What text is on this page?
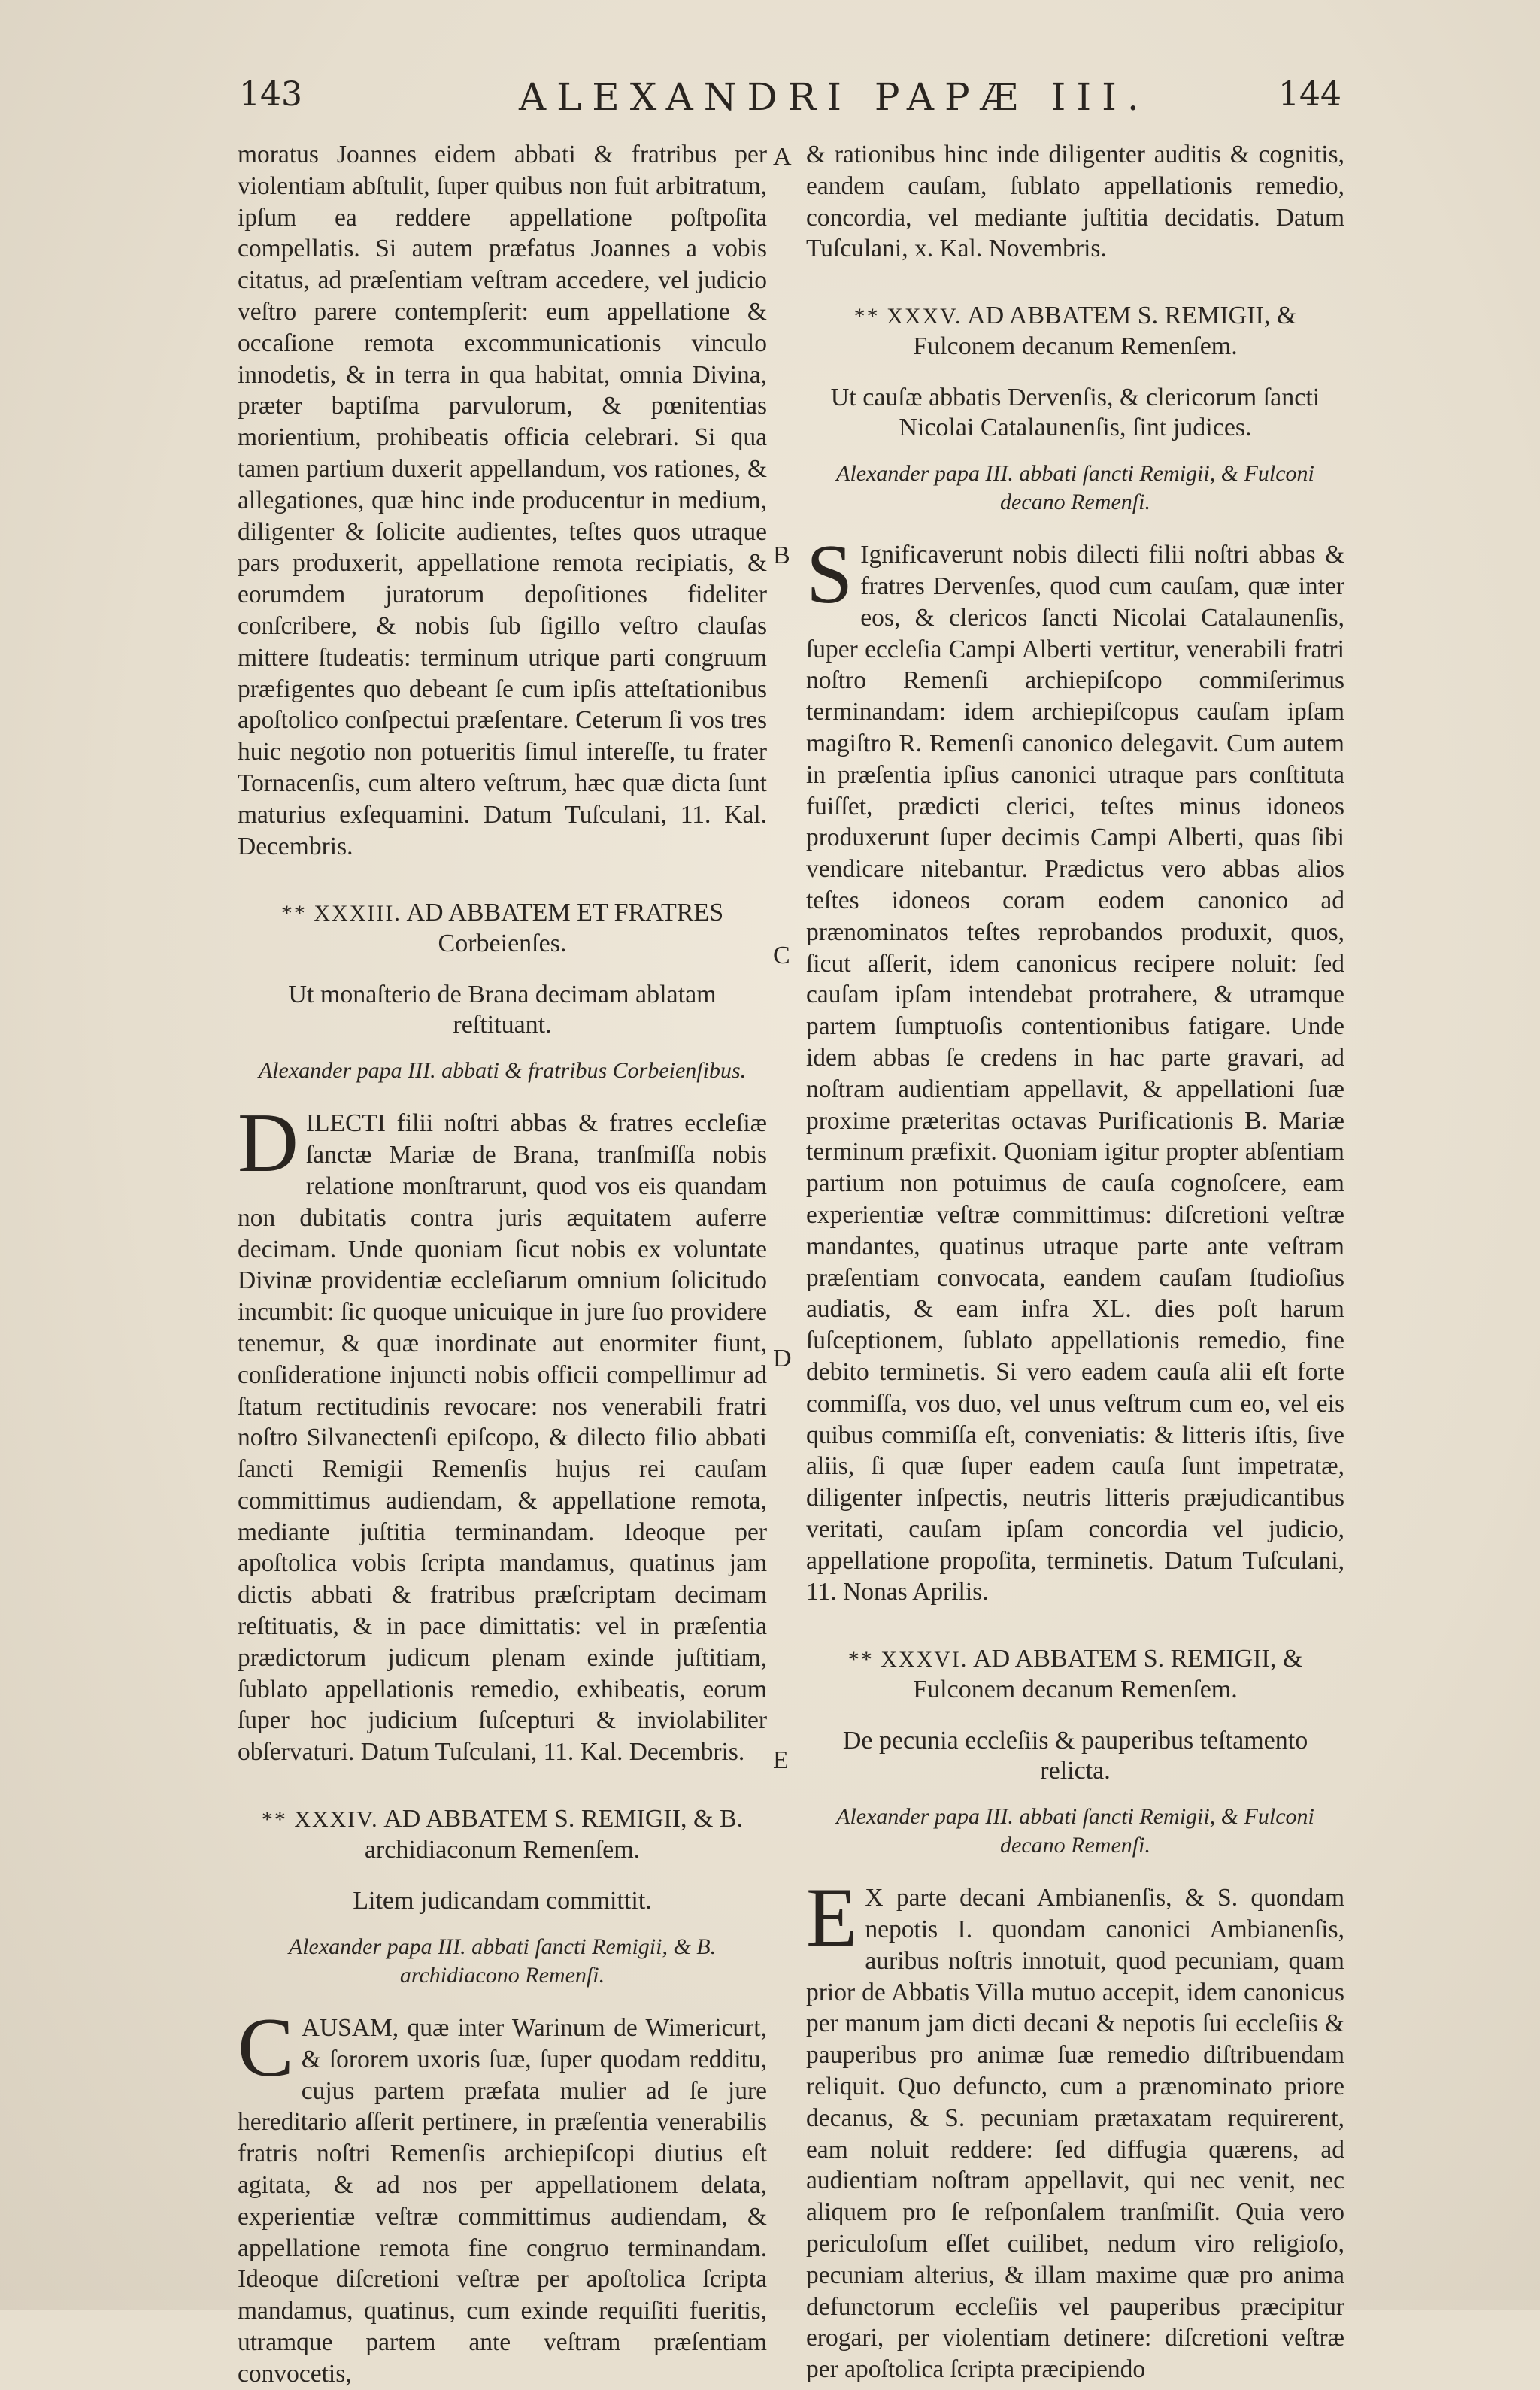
143	ALEXANDRI PAPÆ III.	144
A
B
C
D
E

moratus Joannes eidem abbati & fratribus per violentiam abſtulit, ſuper quibus non fuit arbitratum, ipſum ea reddere appellatione poſtpoſita compellatis. Si autem præfatus Joannes a vobis citatus, ad præſentiam veſtram accedere, vel judicio veſtro parere contempſerit: eum appellatione & occaſione remota excommunicationis vinculo innodetis, & in terra in qua habitat, omnia Divina, præter baptiſma parvulorum, & pœnitentias morientium, prohibeatis officia celebrari. Si qua tamen partium duxerit appellandum, vos rationes, & allegationes, quæ hinc inde producentur in medium, diligenter & ſolicite audientes, teſtes quos utraque pars produxerit, appellatione remota recipiatis, & eorumdem juratorum depoſitiones fideliter conſcribere, & nobis ſub ſigillo veſtro clauſas mittere ſtudeatis: terminum utrique parti congruum præfigentes quo debeant ſe cum ipſis atteſtationibus apoſtolico conſpectui præſentare. Ceterum ſi vos tres huic negotio non potueritis ſimul intereſſe, tu frater Tornacenſis, cum altero veſtrum, hæc quæ dicta ſunt maturius exſequamini. Datum Tuſculani, 11. Kal. Decembris.

** XXXIII. AD ABBATEM ET FRATRES Corbeienſes.
Ut monaſterio de Brana decimam ablatam reſtituant.
Alexander papa III. abbati & fratribus Corbeienſibus.

DILECTI filii noſtri abbas & fratres eccleſiæ ſanctæ Mariæ de Brana, tranſmiſſa nobis relatione monſtrarunt, quod vos eis quandam non dubitatis contra juris æquitatem auferre decimam. Unde quoniam ſicut nobis ex voluntate Divinæ providentiæ eccleſiarum omnium ſolicitudo incumbit: ſic quoque unicuique in jure ſuo providere tenemur, & quæ inordinate aut enormiter fiunt, conſideratione injuncti nobis officii compellimur ad ſtatum rectitudinis revocare: nos venerabili fratri noſtro Silvanectenſi epiſcopo, & dilecto filio abbati ſancti Remigii Remenſis hujus rei cauſam committimus audiendam, & appellatione remota, mediante juſtitia terminandam. Ideoque per apoſtolica vobis ſcripta mandamus, quatinus jam dictis abbati & fratribus præſcriptam decimam reſtituatis, & in pace dimittatis: vel in præſentia prædictorum judicum plenam exinde juſtitiam, ſublato appellationis remedio, exhibeatis, eorum ſuper hoc judicium ſuſcepturi & inviolabiliter obſervaturi. Datum Tuſculani, 11. Kal. Decembris.

** XXXIV. AD ABBATEM S. REMIGII, & B. archidiaconum Remenſem.
Litem judicandam committit.
Alexander papa III. abbati ſancti Remigii, & B. archidiacono Remenſi.

CAUSAM, quæ inter Warinum de Wimericurt, & ſororem uxoris ſuæ, ſuper quodam redditu, cujus partem præfata mulier ad ſe jure hereditario aſſerit pertinere, in præſentia venerabilis fratris noſtri Remenſis archiepiſcopi diutius eſt agitata, & ad nos per appellationem delata, experientiæ veſtræ committimus audiendam, & appellatione remota fine congruo terminandam. Ideoque diſcretioni veſtræ per apoſtolica ſcripta mandamus, quatinus, cum exinde requiſiti fueritis, utramque partem ante veſtram præſentiam convocetis,

& rationibus hinc inde diligenter auditis & cognitis, eandem cauſam, ſublato appellationis remedio, concordia, vel mediante juſtitia decidatis. Datum Tuſculani, x. Kal. Novembris.

** XXXV. AD ABBATEM S. REMIGII, & Fulconem decanum Remenſem.
Ut cauſæ abbatis Dervenſis, & clericorum ſancti Nicolai Catalaunenſis, ſint judices.
Alexander papa III. abbati ſancti Remigii, & Fulconi decano Remenſi.

S Ignificaverunt nobis dilecti filii noſtri abbas & fratres Dervenſes, quod cum cauſam, quæ inter eos, & clericos ſancti Nicolai Catalaunenſis, ſuper eccleſia Campi Alberti vertitur, venerabili fratri noſtro Remenſi archiepiſcopo commiſerimus terminandam: idem archiepiſcopus cauſam ipſam magiſtro R. Remenſi canonico delegavit. Cum autem in præſentia ipſius canonici utraque pars conſtituta fuiſſet, prædicti clerici, teſtes minus idoneos produxerunt ſuper decimis Campi Alberti, quas ſibi vendicare nitebantur. Prædictus vero abbas alios teſtes idoneos coram eodem canonico ad prænominatos teſtes reprobandos produxit, quos, ſicut aſſerit, idem canonicus recipere noluit: ſed cauſam ipſam intendebat protrahere, & utramque partem ſumptuoſis contentionibus fatigare. Unde idem abbas ſe credens in hac parte gravari, ad noſtram audientiam appellavit, & appellationi ſuæ proxime præteritas octavas Purificationis B. Mariæ terminum præfixit. Quoniam igitur propter abſentiam partium non potuimus de cauſa cognoſcere, eam experientiæ veſtræ committimus: diſcretioni veſtræ mandantes, quatinus utraque parte ante veſtram præſentiam convocata, eandem cauſam ſtudioſius audiatis, & eam infra XL. dies poſt harum ſuſceptionem, ſublato appellationis remedio, fine debito terminetis. Si vero eadem cauſa alii eſt forte commiſſa, vos duo, vel unus veſtrum cum eo, vel eis quibus commiſſa eſt, conveniatis: & litteris iſtis, ſive aliis, ſi quæ ſuper eadem cauſa ſunt impetratæ, diligenter inſpectis, neutris litteris præjudicantibus veritati, cauſam ipſam concordia vel judicio, appellatione propoſita, terminetis. Datum Tuſculani, 11. Nonas Aprilis.

** XXXVI. AD ABBATEM S. REMIGII, & Fulconem decanum Remenſem.
De pecunia eccleſiis & pauperibus teſtamento relicta.
Alexander papa III. abbati ſancti Remigii, & Fulconi decano Remenſi.

E X parte decani Ambianenſis, & S. quondam nepotis I. quondam canonici Ambianenſis, auribus noſtris innotuit, quod pecuniam, quam prior de Abbatis Villa mutuo accepit, idem canonicus per manum jam dicti decani & nepotis ſui eccleſiis & pauperibus pro animæ ſuæ remedio diſtribuendam reliquit. Quo defuncto, cum a prænominato priore decanus, & S. pecuniam prætaxatam requirerent, eam noluit reddere: ſed diffugia quærens, ad audientiam noſtram appellavit, qui nec venit, nec aliquem pro ſe reſponſalem tranſmiſit. Quia vero periculoſum eſſet cuilibet, nedum viro religioſo, pecuniam alterius, & illam maxime quæ pro anima defunctorum eccleſiis vel pauperibus præcipitur erogari, per violentiam detinere: diſcretioni veſtræ per apoſtolica ſcripta præcipiendo
